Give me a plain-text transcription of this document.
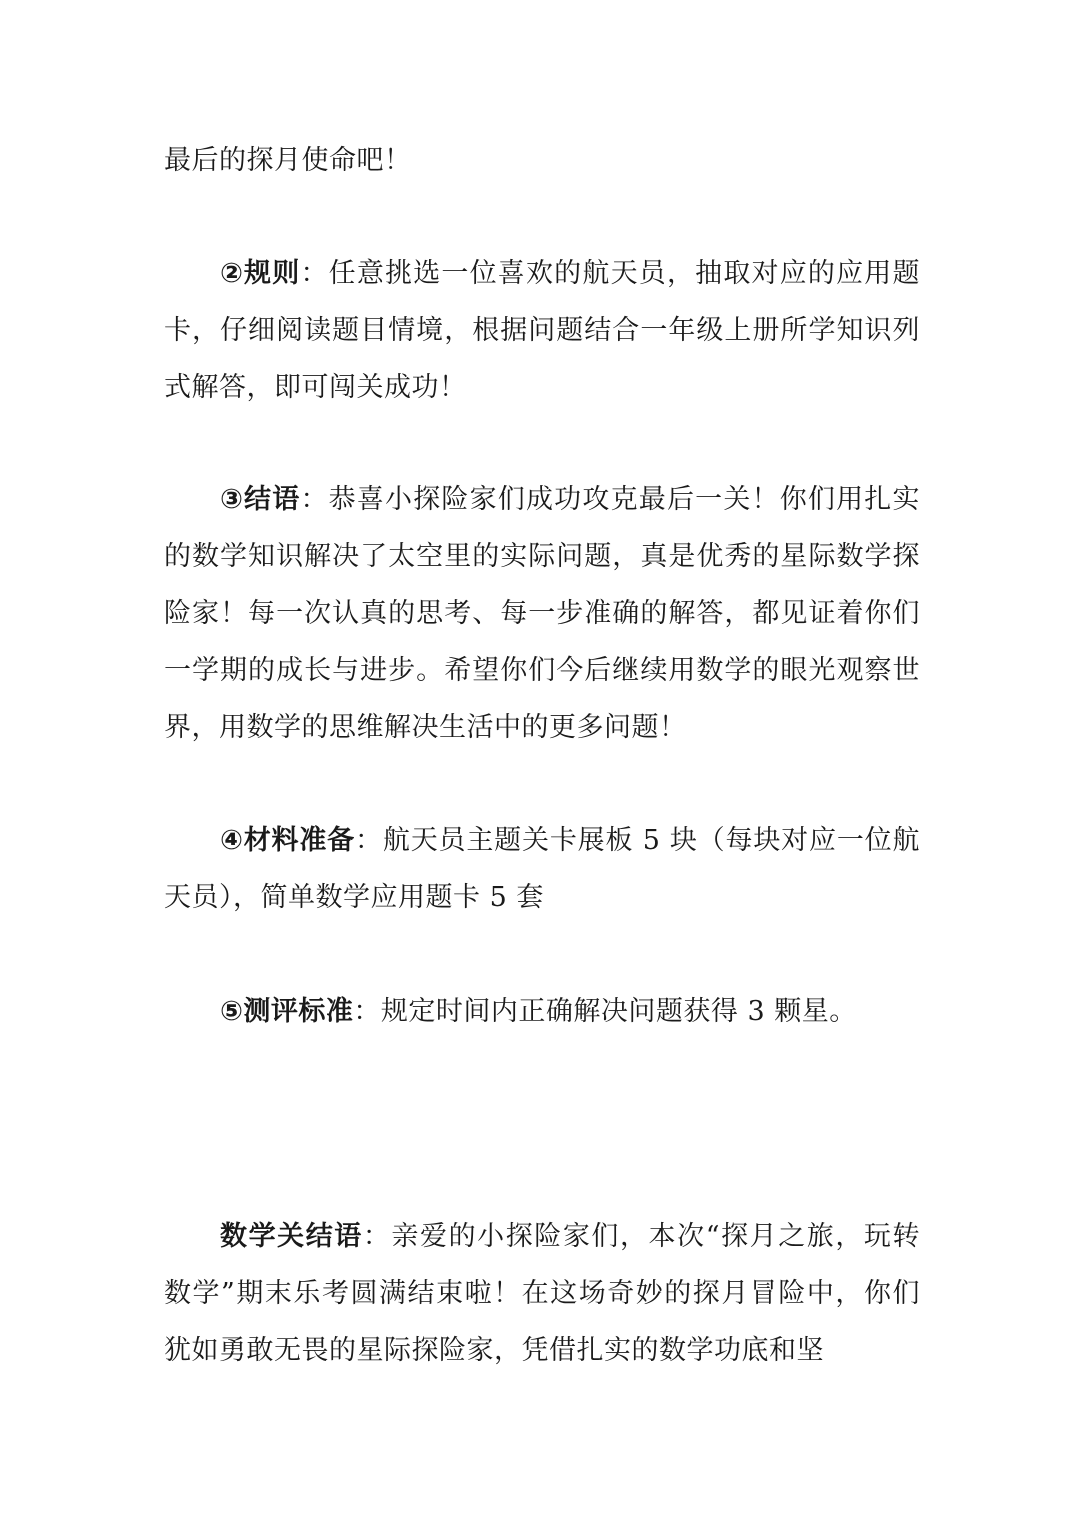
最后的探月使命吧！

②规则：任意挑选一位喜欢的航天员，抽取对应的应用题卡，仔细阅读题目情境，根据问题结合一年级上册所学知识列式解答，即可闯关成功！

③结语：恭喜小探险家们成功攻克最后一关！你们用扎实的数学知识解决了太空里的实际问题，真是优秀的星际数学探险家！每一次认真的思考、每一步准确的解答，都见证着你们一学期的成长与进步。希望你们今后继续用数学的眼光观察世界，用数学的思维解决生活中的更多问题！

④材料准备：航天员主题关卡展板 5 块（每块对应一位航天员），简单数学应用题卡 5 套

⑤测评标准：规定时间内正确解决问题获得 3 颗星。

数学关结语：亲爱的小探险家们，本次“探月之旅，玩转数学”期末乐考圆满结束啦！在这场奇妙的探月冒险中，你们犹如勇敢无畏的星际探险家，凭借扎实的数学功底和坚
